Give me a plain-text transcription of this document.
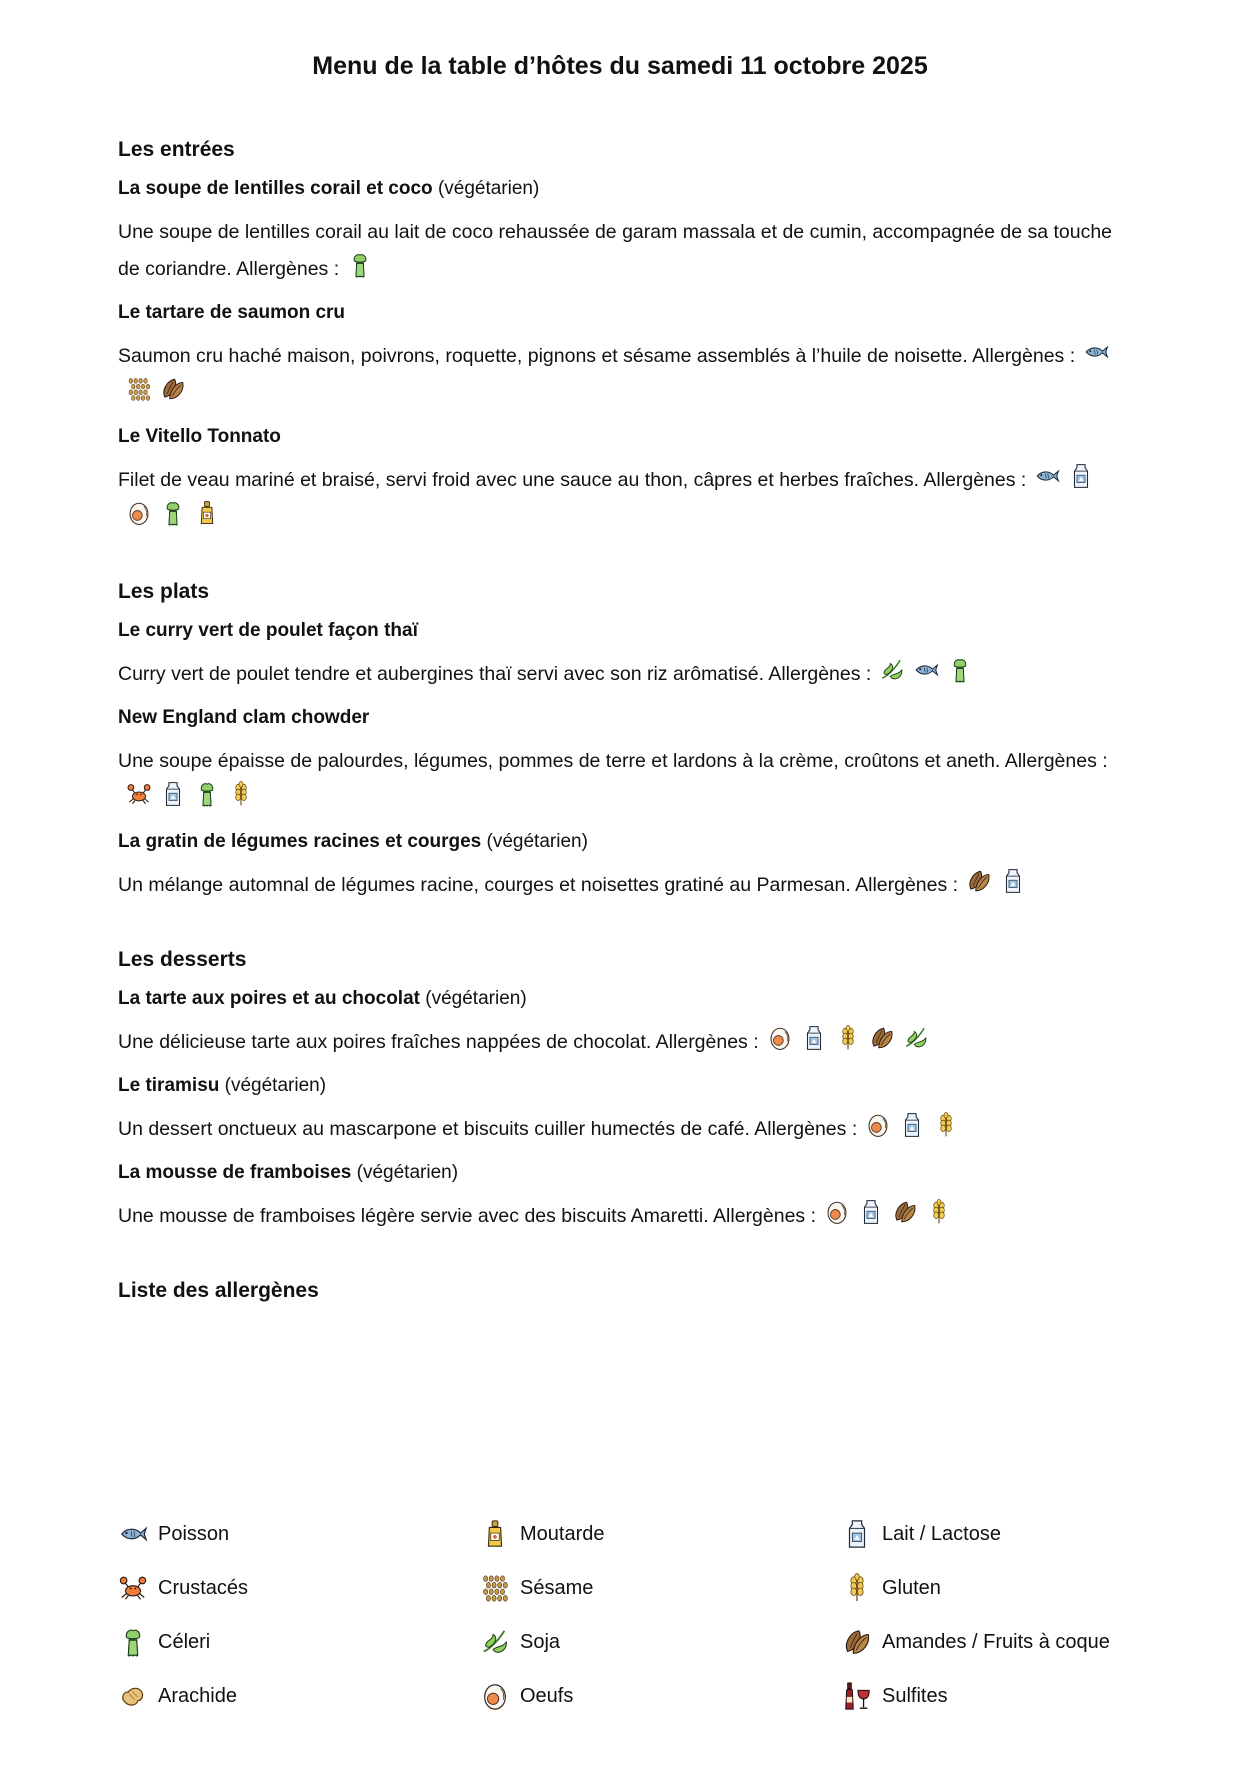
Menu de la table d’hôtes du samedi 11 octobre 2025
Les entrées
La soupe de lentilles corail et coco (végétarien)
Une soupe de lentilles corail au lait de coco rehaussée de garam massala et de cumin, accompagnée de sa touche de coriandre. Allergènes :
Le tartare de saumon cru
Saumon cru haché maison, poivrons, roquette, pignons et sésame assemblés à l’huile de noisette. Allergènes :
Le Vitello Tonnato
Filet de veau mariné et braisé, servi froid avec une sauce au thon, câpres et herbes fraîches. Allergènes :
Les plats
Le curry vert de poulet façon thaï
Curry vert de poulet tendre et aubergines thaï servi avec son riz arômatisé. Allergènes :
New England clam chowder
Une soupe épaisse de palourdes, légumes, pommes de terre et lardons à la crème, croûtons et aneth. Allergènes :
La gratin de légumes racines et courges (végétarien)
Un mélange automnal de légumes racine, courges et noisettes gratiné au Parmesan. Allergènes :
Les desserts
La tarte aux poires et au chocolat (végétarien)
Une délicieuse tarte aux poires fraîches nappées de chocolat. Allergènes :
Le tiramisu (végétarien)
Un dessert onctueux au mascarpone et biscuits cuiller humectés de café. Allergènes :
La mousse de framboises (végétarien)
Une mousse de framboises légère servie avec des biscuits Amaretti. Allergènes :
Liste des allergènes
Poisson	Moutarde	Lait / Lactose
Crustacés	Sésame	Gluten
Céleri	Soja	Amandes / Fruits à coque
Arachide	Oeufs	Sulfites
